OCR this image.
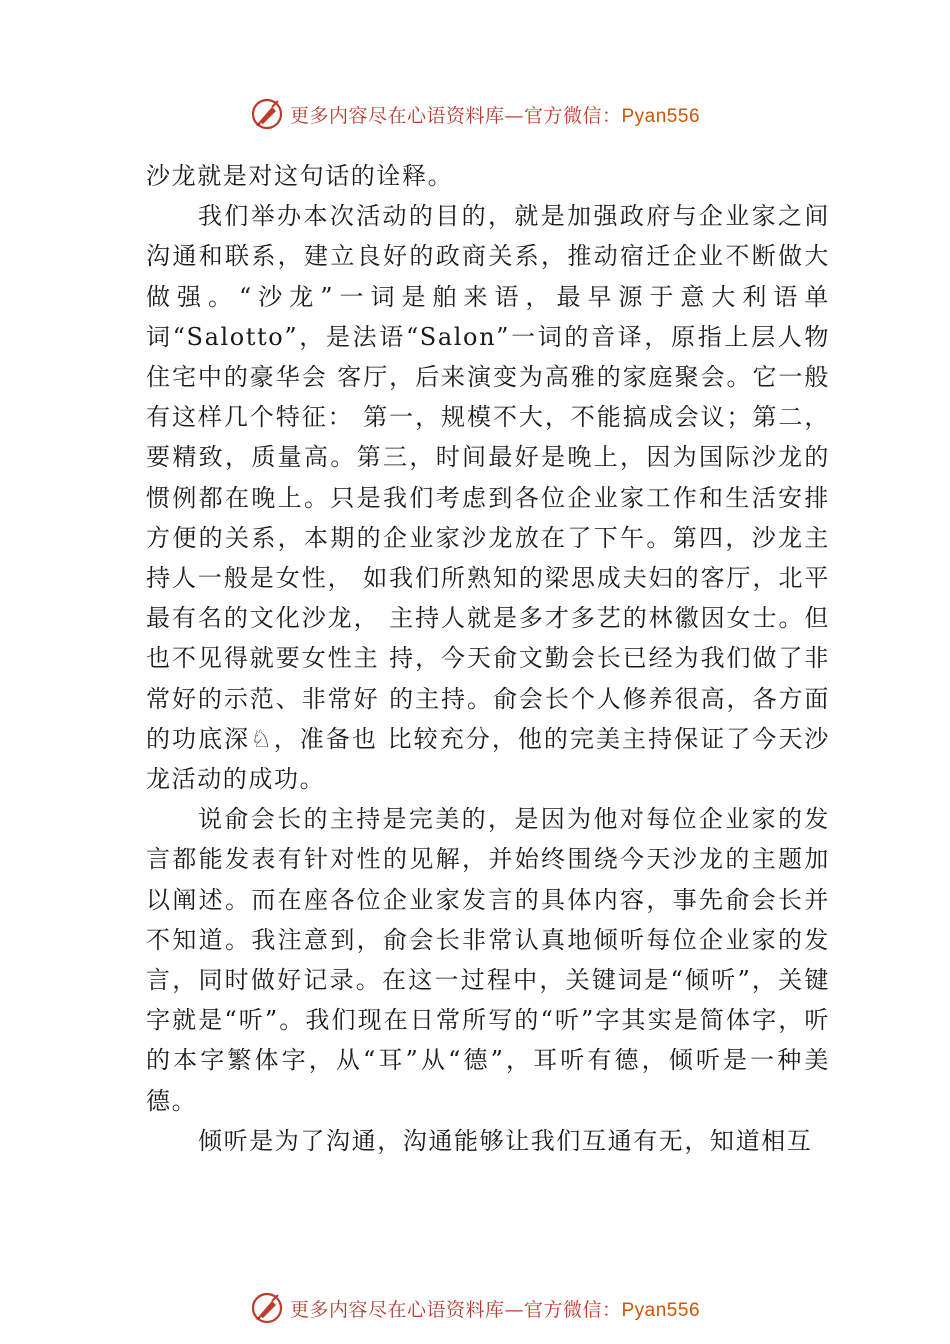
更多内容尽在心语资料库—官方微信：Pyan556

沙龙就是对这句话的诠释。

我们举办本次活动的目的，就是加强政府与企业家之间沟通和联系，建立良好的政商关系，推动宿迁企业不断做大做强。“沙龙”一词是舶来语，最早源于意大利语单词“Salotto”，是法语“Salon”一词的音译，原指上层人物住宅中的豪华会 客厅，后来演变为高雅的家庭聚会。它一般有这样几个特征： 第一，规模不大，不能搞成会议；第二，要精致，质量高。第三，时间最好是晚上，因为国际沙龙的惯例都在晚上。只是我们考虑到各位企业家工作和生活安排方便的关系，本期的企业家沙龙放在了下午。第四，沙龙主持人一般是女性， 如我们所熟知的梁思成夫妇的客厅，北平最有名的文化沙龙， 主持人就是多才多艺的林徽因女士。但也不见得就要女性主 持，今天俞文勤会长已经为我们做了非常好的示范、非常好 的主持。俞会长个人修养很高，各方面的功底深♘，准备也 比较充分，他的完美主持保证了今天沙龙活动的成功。

说俞会长的主持是完美的，是因为他对每位企业家的发言都能发表有针对性的见解，并始终围绕今天沙龙的主题加以阐述。而在座各位企业家发言的具体内容，事先俞会长并不知道。我注意到，俞会长非常认真地倾听每位企业家的发言，同时做好记录。在这一过程中，关键词是“倾听”，关键字就是“听”。我们现在日常所写的“听”字其实是简体字，听的本字繁体字，从“耳”从“德”，耳听有德，倾听是一种美德。

倾听是为了沟通，沟通能够让我们互通有无，知道相互

更多内容尽在心语资料库—官方微信：Pyan556
